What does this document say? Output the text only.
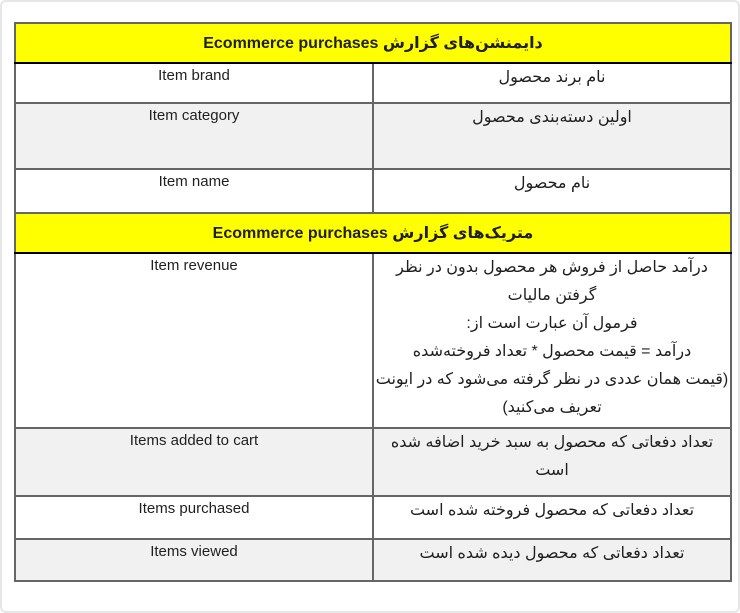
دایمنشن‌های گزارش Ecommerce purchases	
Item brand	نام برند محصول
Item category	اولین دسته‌بندی محصول
Item name	نام محصول
متریک‌های گزارش Ecommerce purchases	
Item revenue	درآمد حاصل از فروش هر محصول بدون در نظر گرفتن مالیات
فرمول آن عبارت است از:
درآمد = قیمت محصول * تعداد فروخته‌شده
(قیمت همان عددی در نظر گرفته می‌شود که در ایونت تعریف می‌کنید)

Items added to cart	تعداد دفعاتی که محصول به سبد خرید اضافه شده است
Items purchased	تعداد دفعاتی که محصول فروخته شده است
Items viewed	تعداد دفعاتی که محصول دیده شده است
